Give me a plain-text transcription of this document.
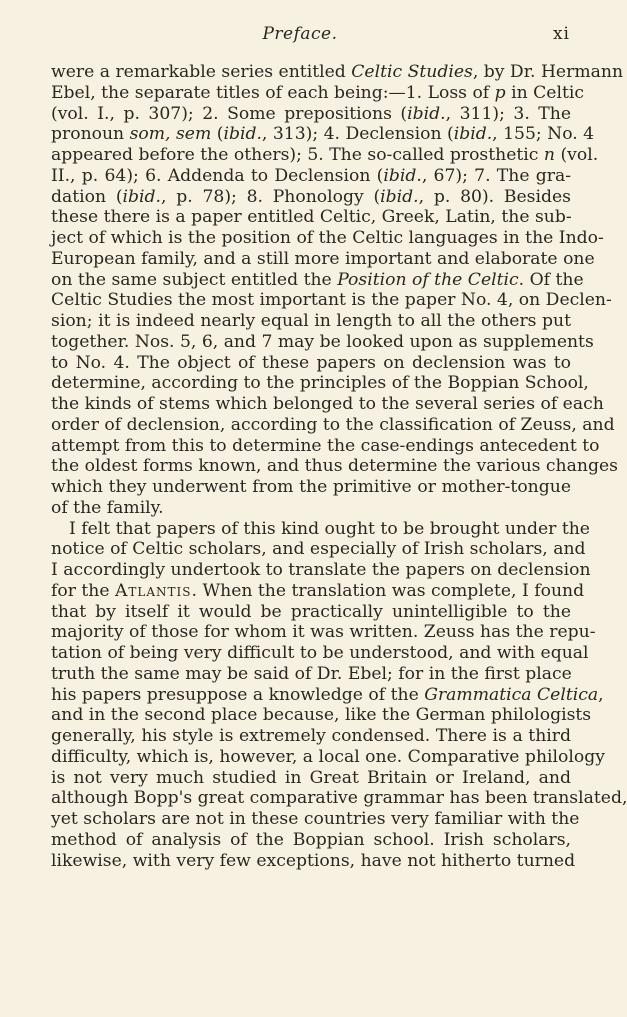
Preface.	xi
were a remarkable series entitled Celtic Studies, by Dr. Hermann
Ebel, the separate titles of each being:—1. Loss of p in Celtic
(vol. I., p. 307); 2. Some prepositions (ibid., 311); 3. The
pronoun som, sem (ibid., 313); 4. Declension (ibid., 155; No. 4
appeared before the others); 5. The so-called prosthetic n (vol.
II., p. 64); 6. Addenda to Declension (ibid., 67); 7. The gra-
dation (ibid., p. 78); 8. Phonology (ibid., p. 80). Besides
these there is a paper entitled Celtic, Greek, Latin, the sub-
ject of which is the position of the Celtic languages in the Indo-
European family, and a still more important and elaborate one
on the same subject entitled the Position of the Celtic. Of the
Celtic Studies the most important is the paper No. 4, on Declen-
sion; it is indeed nearly equal in length to all the others put
together. Nos. 5, 6, and 7 may be looked upon as supplements
to No. 4. The object of these papers on declension was to
determine, according to the principles of the Boppian School,
the kinds of stems which belonged to the several series of each
order of declension, according to the classification of Zeuss, and
attempt from this to determine the case-endings antecedent to
the oldest forms known, and thus determine the various changes
which they underwent from the primitive or mother-tongue
of the family.
I felt that papers of this kind ought to be brought under the
notice of Celtic scholars, and especially of Irish scholars, and
I accordingly undertook to translate the papers on declension
for the Atlantis. When the translation was complete, I found
that by itself it would be practically unintelligible to the
majority of those for whom it was written. Zeuss has the repu-
tation of being very difficult to be understood, and with equal
truth the same may be said of Dr. Ebel; for in the first place
his papers presuppose a knowledge of the Grammatica Celtica,
and in the second place because, like the German philologists
generally, his style is extremely condensed. There is a third
difficulty, which is, however, a local one. Comparative philology
is not very much studied in Great Britain or Ireland, and
although Bopp's great comparative grammar has been translated,
yet scholars are not in these countries very familiar with the
method of analysis of the Boppian school. Irish scholars,
likewise, with very few exceptions, have not hitherto turned
